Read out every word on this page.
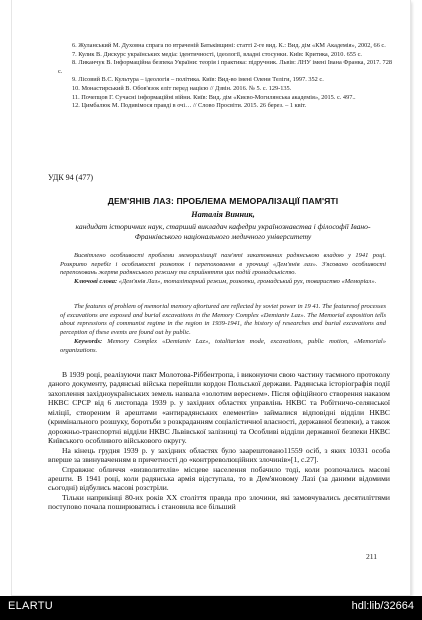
6. Жуланський М. Духовна спрага по втраченій Батьківщині: статті 2-ге вид. К.: Вид. дім «КМ Академія», 2002, 66 с.

7. Кулик В. Дискурс українських медіа: ідентичності, ідеології, владні стосунки. Київ: Критика, 2010. 655 с.

8. Ликанчук В. Інформаційна безпека України: теорія і практика: підручник. Львів: ЛНУ імені Івана Франка, 2017. 728 с.

9. Лісовий В.С. Культура – ідеологія – політика. Київ: Вид-во імені Олени Теліги, 1997. 352 с.

10. Монастирський В. Обов'язок еліт перед нацією // Дзвін. 2016. № 5. с. 129-135.

11. Почепцов Г. Сучасні інформаційні війни. Київ: Вид. дім «Києво-Могилянська академія», 2015. с. 497..

12. Цимбалюк М. Подивімося правді в очі… // Слово Просвіти. 2015. 26 берез. – 1 квіт.

УДК 94 (477)
ДЕМ'ЯНІВ ЛАЗ: ПРОБЛЕМА МЕМОРАЛІЗАЦІЇ ПАМ'ЯТІ
Наталія Винник,
кандидат історичних наук, старший викладач кафедри українознавства і філософії Івано-Франківського національного медичного університету

Висвітлено особливості проблеми меморалізації пам'яті закатованих радянською владою у 1941 році. Розкрито перебіг і особливості розкопок і перепоховання в урочищі «Дем'янів лаз». З'ясовано особливості перепоховань жертв радянського режиму та сприйняття цих подій громадськістю.

Ключові слова: «Дем'янів Лаз», тоталітарний режим, розкопки, громадський рух, товариство «Меморіал».

The features of problem of memorial memory aftortured are reflected by soviet power in 19 41. The featuresof processes of excavations are exposed and burial excavations in the Memory Complex «Demianiv Laz». The Memorial exposition tells about repressions of communist regime in the region in 1939-1941, the history of researches and burial excavations and perception of these events are found out by public.

Keywords: Memory Complex «Demianiv Laz», totalitarian mode, excavations, public motion, «Memorial» organizations.

В 1939 році, реалізуючи пакт Молотова-Ріббентропа, і виконуючи свою частину таємного протоколу даного документу, радянські війська перейшли кордон Польської держави. Радянська історіографія події захоплення західноукраїнських земель назвала «золотим вереснем». Після офіційного створення наказом НКВС СРСР від 6 листопада 1939 р. у західних областях управлінь НКВС та Робітничо-селянської міліції, створеним й арештами «антирадянських елементів» займалися відповідні відділи НКВС (кримінального розшуку, боротьби з розкраданням соціалістичної власності, державної безпеки), а також дорожньо-транспортні відділи НКВС Львівської залізниці та Особливі відділи державної безпеки НКВС Київського особливого військового округу.

На кінець грудня 1939 р. у західних областях було заарештовано11559 осіб, з яких 10331 особа вперше за звинуваченням в причетності до «контрреволюційних злочинів»[1, с.27].

Справжнє обличчя «визволителів» місцеве населення побачило тоді, коли розпочались масові арешти. В 1941 році, коли радянська армія відступала, то в Дем'яновому Лазі (за даними відомими сьогодні) відбулись масові розстріли.

Тільки наприкінці 80-их років ХХ століття правда про злочини, які замовчувались десятиліттями поступово почала поширюватись і становила все більший

211
ELARTU	hdl:lib/32664
